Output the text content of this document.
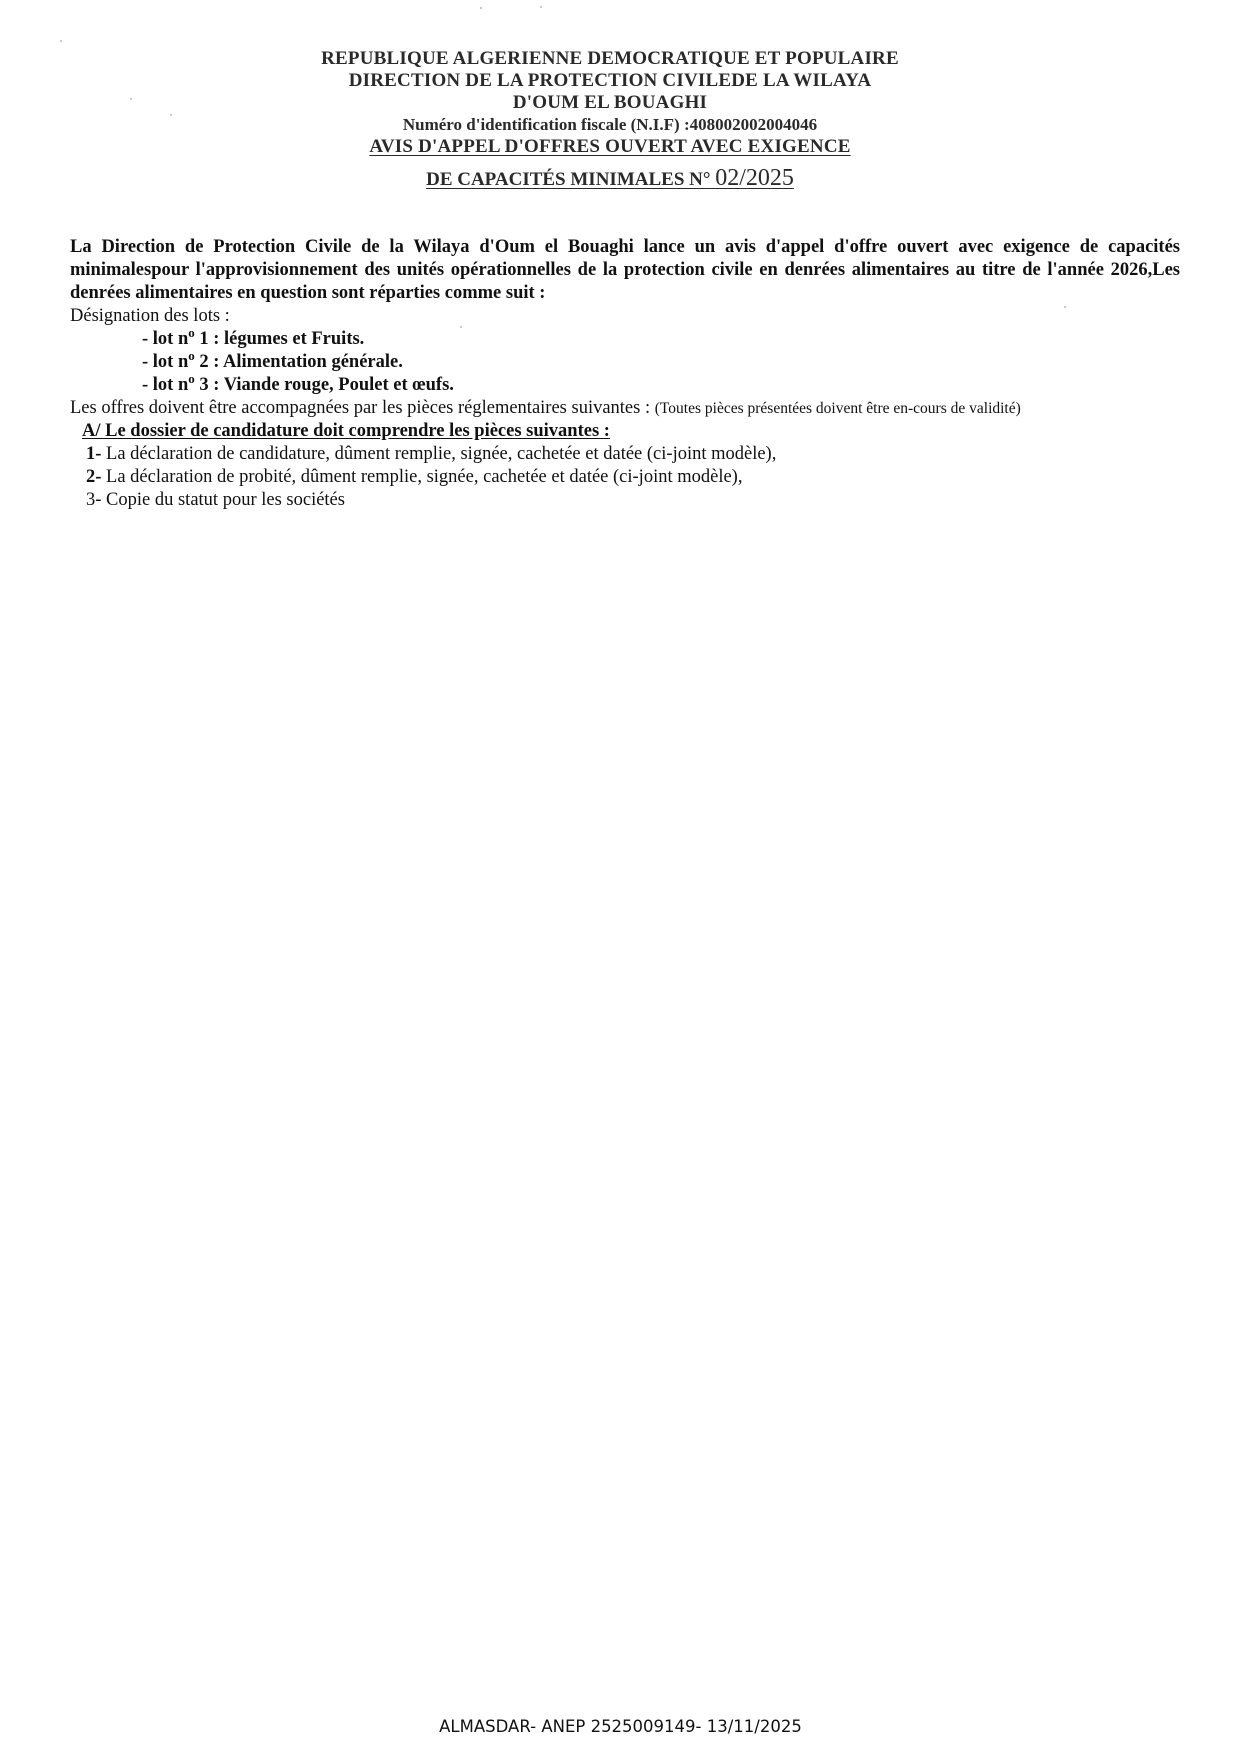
REPUBLIQUE ALGERIENNE DEMOCRATIQUE ET POPULAIRE
DIRECTION DE LA PROTECTION CIVILEDE LA WILAYA
D'OUM EL BOUAGHI
Numéro d'identification fiscale (N.I.F) :408002002004046
AVIS D'APPEL D'OFFRES OUVERT AVEC EXIGENCE
DE CAPACITÉS MINIMALES N° 02/2025
La Direction de Protection Civile de la Wilaya d'Oum el Bouaghi lance un avis d'appel d'offre ouvert avec exigence de capacités minimalespour l'approvisionnement des unités opérationnelles de la protection civile en denrées alimentaires au titre de l'année 2026,Les denrées alimentaires en question sont réparties comme suit :
Désignation des lots :
- lot $n^o$ 1 : légumes et Fruits.
- lot $n^o$ 2 : Alimentation générale.
- lot $n^o$ 3 : Viande rouge, Poulet et œufs.
Les offres doivent être accompagnées par les pièces réglementaires suivantes : (Toutes pièces présentées doivent être en-cours de validité)
A/ Le dossier de candidature doit comprendre les pièces suivantes :
1- La déclaration de candidature, dûment remplie, signée, cachetée et datée (ci-joint modèle),
2- La déclaration de probité, dûment remplie, signée, cachetée et datée (ci-joint modèle),
3- Copie du statut pour les sociétés
ALMASDAR- ANEP 2525009149- 13/11/2025
